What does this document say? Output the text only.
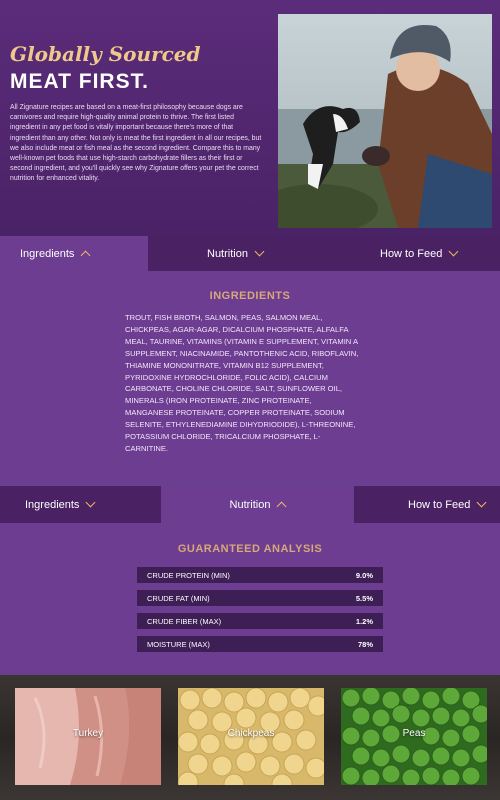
Globally Sourced
MEAT FIRST.

All Zignature recipes are based on a meat-first philosophy because dogs are carnivores and require high-quality animal protein to thrive. The first listed ingredient in any pet food is vitally important because there's more of that ingredient than any other. Not only is meat the first ingredient in all our recipes, but we also include meat or fish meal as the second ingredient. Compare this to many well-known pet foods that use high-starch carbohydrate fillers as their first or second ingredient, and you'll quickly see why Zignature offers your pet the correct nutrition for enhanced vitality.

Ingredients	Nutrition	How to Feed
INGREDIENTS

TROUT, FISH BROTH, SALMON, PEAS, SALMON MEAL, CHICKPEAS, AGAR-AGAR, DICALCIUM PHOSPHATE, ALFALFA MEAL, TAURINE, VITAMINS (VITAMIN E SUPPLEMENT, VITAMIN A SUPPLEMENT, NIACINAMIDE, PANTOTHENIC ACID, RIBOFLAVIN, THIAMINE MONONITRATE, VITAMIN B12 SUPPLEMENT, PYRIDOXINE HYDROCHLORIDE, FOLIC ACID), CALCIUM CARBONATE, CHOLINE CHLORIDE, SALT, SUNFLOWER OIL, MINERALS (IRON PROTEINATE, ZINC PROTEINATE, MANGANESE PROTEINATE, COPPER PROTEINATE, SODIUM SELENITE, ETHYLENEDIAMINE DIHYDRIODIDE), L-THREONINE, POTASSIUM CHLORIDE, TRICALCIUM PHOSPHATE, L-CARNITINE.

Ingredients	Nutrition	How to Feed
GUARANTEED ANALYSIS
CRUDE PROTEIN (MIN)	9.0%
CRUDE FAT (MIN)	5.5%
CRUDE FIBER (MAX)	1.2%
MOISTURE (MAX)	78%
Turkey	Chickpeas	Peas
